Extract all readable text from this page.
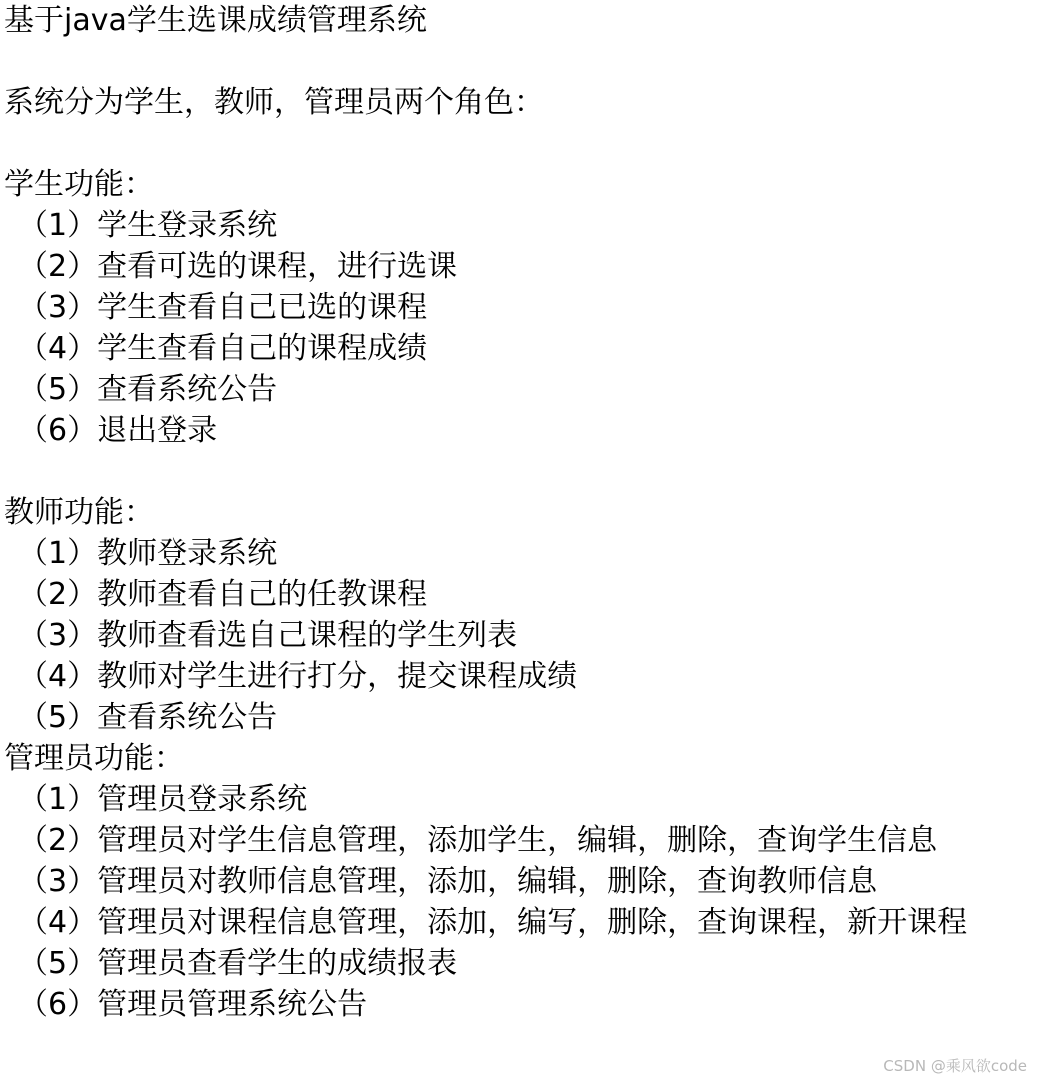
基于java学生选课成绩管理系统
系统分为学生，教师，管理员两个角色：
学生功能：
（1）学生登录系统
（2）查看可选的课程，进行选课
（3）学生查看自己已选的课程
（4）学生查看自己的课程成绩
（5）查看系统公告
（6）退出登录
教师功能：
（1）教师登录系统
（2）教师查看自己的任教课程
（3）教师查看选自己课程的学生列表
（4）教师对学生进行打分，提交课程成绩
（5）查看系统公告
管理员功能：
（1）管理员登录系统
（2）管理员对学生信息管理，添加学生，编辑，删除，查询学生信息
（3）管理员对教师信息管理，添加，编辑，删除，查询教师信息
（4）管理员对课程信息管理，添加，编写，删除，查询课程，新开课程
（5）管理员查看学生的成绩报表
（6）管理员管理系统公告
CSDN @乘风欲code
